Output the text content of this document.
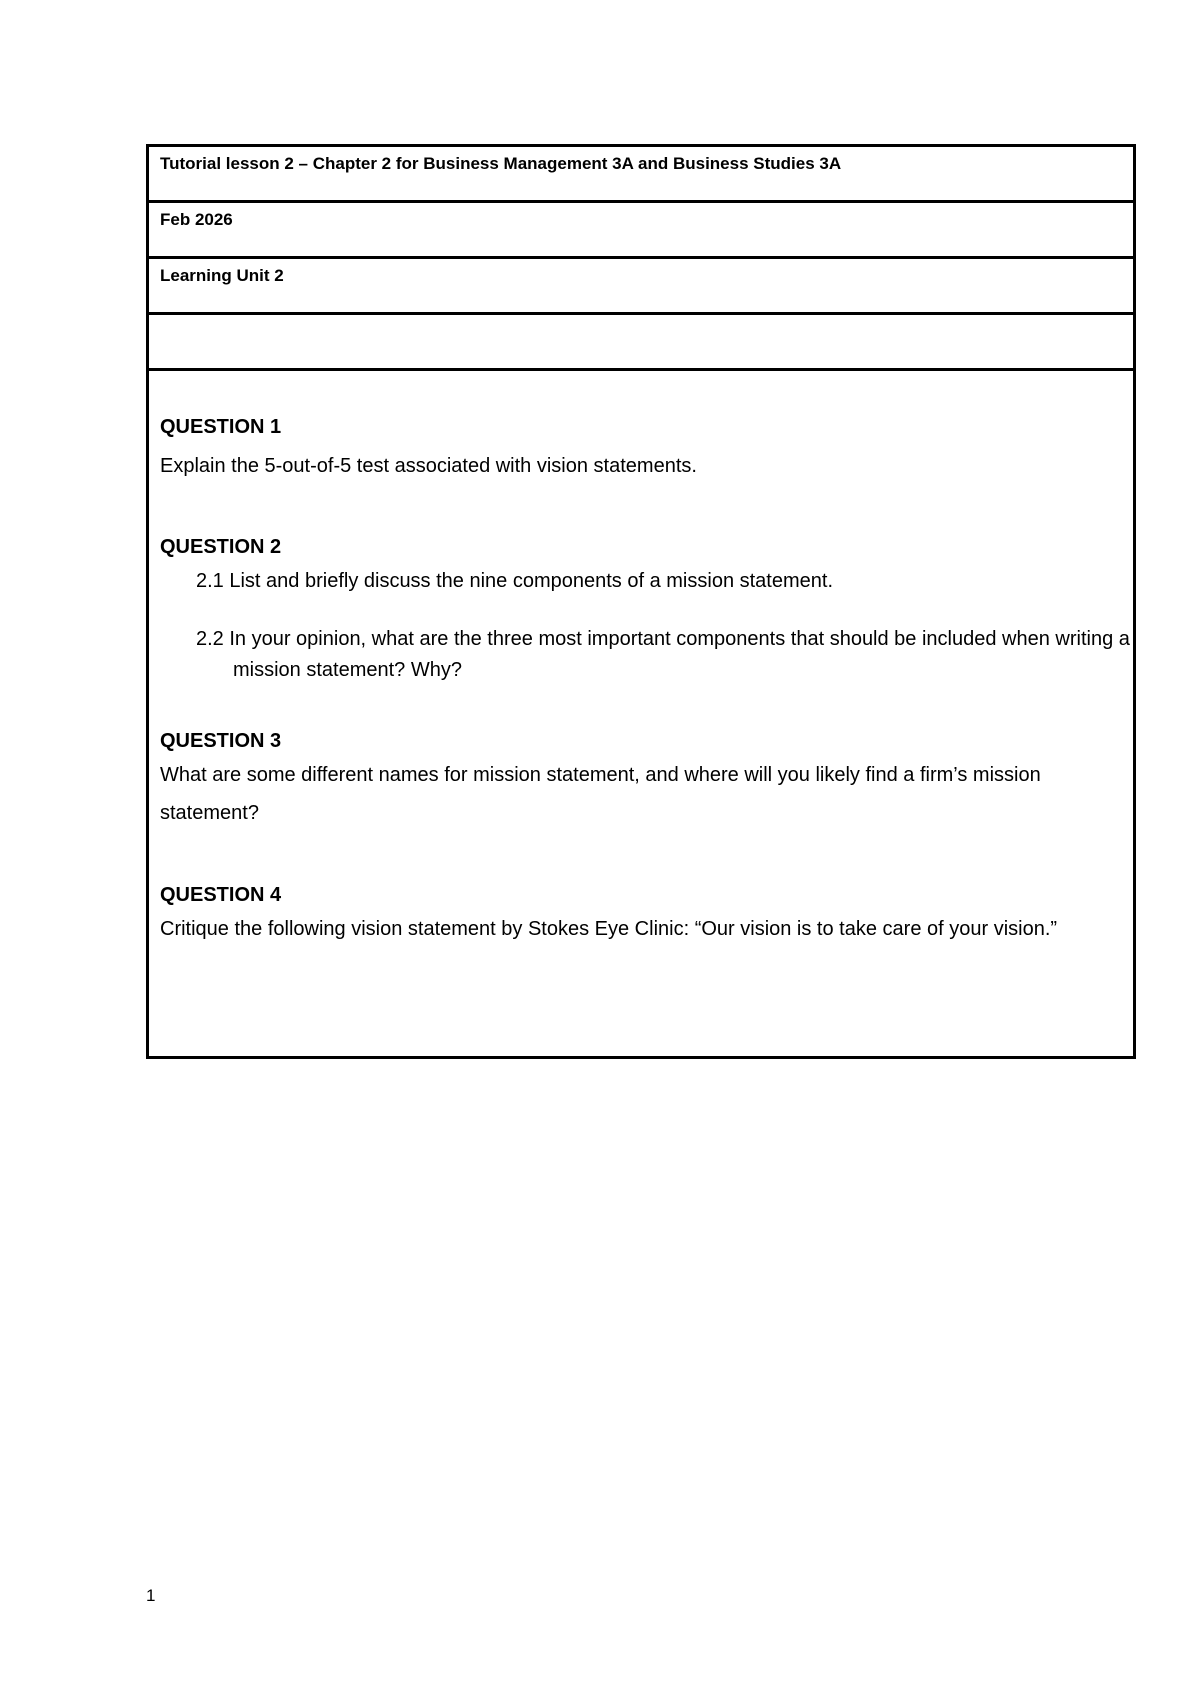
Tutorial lesson 2 – Chapter 2 for Business Management 3A and Business Studies 3A
Feb 2026
Learning Unit 2
QUESTION 1
Explain the 5-out-of-5 test associated with vision statements.
QUESTION 2
2.1 List and briefly discuss the nine components of a mission statement.
2.2 In your opinion, what are the three most important components that should be included when writing a mission statement? Why?
QUESTION 3
What are some different names for mission statement, and where will you likely find a firm’s mission statement?
QUESTION 4
Critique the following vision statement by Stokes Eye Clinic: “Our vision is to take care of your vision.”
1
